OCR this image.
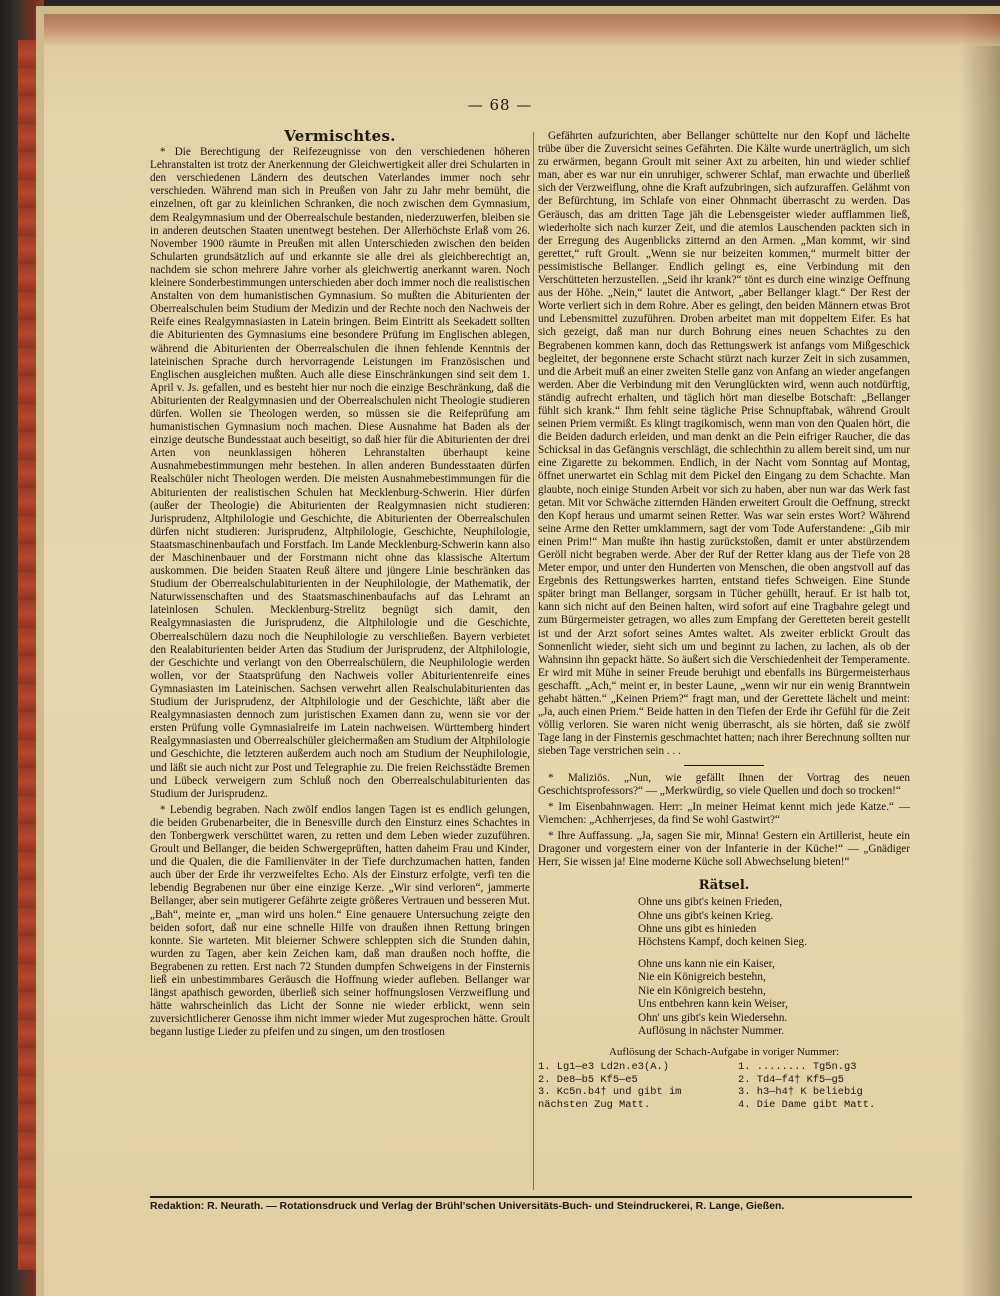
— 68 —
Vermischtes.

* Die Berechtigung der Reifezeugnisse von den verschiedenen höheren Lehranstalten ist trotz der Anerkennung der Gleichwertigkeit aller drei Schularten in den verschiedenen Ländern des deutschen Vaterlandes immer noch sehr verschieden. Während man sich in Preußen von Jahr zu Jahr mehr bemüht, die einzelnen, oft gar zu kleinlichen Schranken, die noch zwischen dem Gymnasium, dem Realgymnasium und der Oberrealschule bestanden, niederzuwerfen, bleiben sie in anderen deutschen Staaten unentwegt bestehen. Der Allerhöchste Erlaß vom 26. November 1900 räumte in Preußen mit allen Unterschieden zwischen den beiden Schularten grundsätzlich auf und erkannte sie alle drei als gleichberechtigt an, nachdem sie schon mehrere Jahre vorher als gleichwertig anerkannt waren. Noch kleinere Sonderbestimmungen unterschieden aber doch immer noch die realistischen Anstalten von dem humanistischen Gymnasium. So mußten die Abiturienten der Oberrealschulen beim Studium der Medizin und der Rechte noch den Nachweis der Reife eines Realgymnasiasten in Latein bringen. Beim Eintritt als Seekadett sollten die Abiturienten des Gymnasiums eine besondere Prüfung im Englischen ablegen, während die Abiturienten der Oberrealschulen die ihnen fehlende Kenntnis der lateinischen Sprache durch hervorragende Leistungen im Französischen und Englischen ausgleichen mußten. Auch alle diese Einschränkungen sind seit dem 1. April v. Js. gefallen, und es besteht hier nur noch die einzige Beschränkung, daß die Abiturienten der Realgymnasien und der Oberrealschulen nicht Theologie studieren dürfen. Wollen sie Theologen werden, so müssen sie die Reifeprüfung am humanistischen Gymnasium noch machen. Diese Ausnahme hat Baden als der einzige deutsche Bundesstaat auch beseitigt, so daß hier für die Abiturienten der drei Arten von neunklassigen höheren Lehranstalten überhaupt keine Ausnahmebestimmungen mehr bestehen. In allen anderen Bundesstaaten dürfen Realschüler nicht Theologen werden. Die meisten Ausnahmebestimmungen für die Abiturienten der realistischen Schulen hat Mecklenburg-Schwerin. Hier dürfen (außer der Theologie) die Abiturienten der Realgymnasien nicht studieren: Jurisprudenz, Altphilologie und Geschichte, die Abiturienten der Oberrealschulen dürfen nicht studieren: Jurisprudenz, Altphilologie, Geschichte, Neuphilologie, Staatsmaschinenbaufach und Forstfach. Im Lande Mecklenburg-Schwerin kann also der Maschinenbauer und der Forstmann nicht ohne das klassische Altertum auskommen. Die beiden Staaten Reuß ältere und jüngere Linie beschränken das Studium der Oberrealschulabiturienten in der Neuphilologie, der Mathematik, der Naturwissenschaften und des Staatsmaschinenbaufachs auf das Lehramt an lateinlosen Schulen. Mecklenburg-Strelitz begnügt sich damit, den Realgymnasiasten die Jurisprudenz, die Altphilologie und die Geschichte, Oberrealschülern dazu noch die Neuphilologie zu verschließen. Bayern verbietet den Realabiturienten beider Arten das Studium der Jurisprudenz, der Altphilologie, der Geschichte und verlangt von den Oberrealschülern, die Neuphilologie werden wollen, vor der Staatsprüfung den Nachweis voller Abiturientenreife eines Gymnasiasten im Lateinischen. Sachsen verwehrt allen Realschulabiturienten das Studium der Jurisprudenz, der Altphilologie und der Geschichte, läßt aber die Realgymnasiasten dennoch zum juristischen Examen dann zu, wenn sie vor der ersten Prüfung volle Gymnasialreife im Latein nachweisen. Württemberg hindert Realgymnasiasten und Oberrealschüler gleichermaßen am Studium der Altphilologie und Geschichte, die letzteren außerdem auch noch am Studium der Neuphilologie, und läßt sie auch nicht zur Post und Telegraphie zu. Die freien Reichsstädte Bremen und Lübeck verweigern zum Schluß noch den Oberrealschulabiturienten das Studium der Jurisprudenz.

* Lebendig begraben. Nach zwölf endlos langen Tagen ist es endlich gelungen, die beiden Grubenarbeiter, die in Benesville durch den Einsturz eines Schachtes in den Tonbergwerk verschüttet waren, zu retten und dem Leben wieder zuzuführen. Groult und Bellanger, die beiden Schwergeprüften, hatten daheim Frau und Kinder, und die Qualen, die die Familienväter in der Tiefe durchzumachen hatten, fanden auch über der Erde ihr verzweifeltes Echo. Als der Einsturz erfolgte, verfi ten die lebendig Begrabenen nur über eine einzige Kerze. „Wir sind verloren“, jammerte Bellanger, aber sein mutigerer Gefährte zeigte größeres Vertrauen und besseren Mut. „Bah“, meinte er, „man wird uns holen.“ Eine genauere Untersuchung zeigte den beiden sofort, daß nur eine schnelle Hilfe von draußen ihnen Rettung bringen konnte. Sie warteten. Mit bleierner Schwere schleppten sich die Stunden dahin, wurden zu Tagen, aber kein Zeichen kam, daß man draußen noch hoffte, die Begrabenen zu retten. Erst nach 72 Stunden dumpfen Schweigens in der Finsternis ließ ein unbestimmbares Geräusch die Hoffnung wieder aufleben. Bellanger war längst apathisch geworden, überließ sich seiner hoffnungslosen Verzweiflung und hätte wahrscheinlich das Licht der Sonne nie wieder erblickt, wenn sein zuversichtlicherer Genosse ihm nicht immer wieder Mut zugesprochen hätte. Groult begann lustige Lieder zu pfeifen und zu singen, um den trostlosen

Gefährten aufzurichten, aber Bellanger schüttelte nur den Kopf und lächelte trübe über die Zuversicht seines Gefährten. Die Kälte wurde unerträglich, um sich zu erwärmen, begann Groult mit seiner Axt zu arbeiten, hin und wieder schlief man, aber es war nur ein unruhiger, schwerer Schlaf, man erwachte und überließ sich der Verzweiflung, ohne die Kraft aufzubringen, sich aufzuraffen. Gelähmt von der Befürchtung, im Schlafe von einer Ohnmacht überrascht zu werden. Das Geräusch, das am dritten Tage jäh die Lebensgeister wieder aufflammen ließ, wiederholte sich nach kurzer Zeit, und die atemlos Lauschenden packten sich in der Erregung des Augenblicks zitternd an den Armen. „Man kommt, wir sind gerettet,“ ruft Groult. „Wenn sie nur beizeiten kommen,“ murmelt bitter der pessimistische Bellanger. Endlich gelingt es, eine Verbindung mit den Verschütteten herzustellen. „Seid ihr krank?“ tönt es durch eine winzige Oeffnung aus der Höhe. „Nein,“ lautet die Antwort, „aber Bellanger klagt.“ Der Rest der Worte verliert sich in dem Rohre. Aber es gelingt, den beiden Männern etwas Brot und Lebensmittel zuzuführen. Droben arbeitet man mit doppeltem Eifer. Es hat sich gezeigt, daß man nur durch Bohrung eines neuen Schachtes zu den Begrabenen kommen kann, doch das Rettungswerk ist anfangs vom Mißgeschick begleitet, der begonnene erste Schacht stürzt nach kurzer Zeit in sich zusammen, und die Arbeit muß an einer zweiten Stelle ganz von Anfang an wieder angefangen werden. Aber die Verbindung mit den Verunglückten wird, wenn auch notdürftig, ständig aufrecht erhalten, und täglich hört man dieselbe Botschaft: „Bellanger fühlt sich krank.“ Ihm fehlt seine tägliche Prise Schnupftabak, während Groult seinen Priem vermißt. Es klingt tragikomisch, wenn man von den Qualen hört, die die Beiden dadurch erleiden, und man denkt an die Pein eifriger Raucher, die das Schicksal in das Gefängnis verschlägt, die schlechthin zu allem bereit sind, um nur eine Zigarette zu bekommen. Endlich, in der Nacht vom Sonntag auf Montag, öffnet unerwartet ein Schlag mit dem Pickel den Eingang zu dem Schachte. Man glaubte, noch einige Stunden Arbeit vor sich zu haben, aber nun war das Werk fast getan. Mit vor Schwäche zitternden Händen erweitert Groult die Oeffnung, streckt den Kopf heraus und umarmt seinen Retter. Was war sein erstes Wort? Während seine Arme den Retter umklammern, sagt der vom Tode Auferstandene: „Gib mir einen Prim!“ Man mußte ihn hastig zurückstoßen, damit er unter abstürzendem Geröll nicht begraben werde. Aber der Ruf der Retter klang aus der Tiefe von 28 Meter empor, und unter den Hunderten von Menschen, die oben angstvoll auf das Ergebnis des Rettungswerkes harrten, entstand tiefes Schweigen. Eine Stunde später bringt man Bellanger, sorgsam in Tücher gehüllt, herauf. Er ist halb tot, kann sich nicht auf den Beinen halten, wird sofort auf eine Tragbahre gelegt und zum Bürgermeister getragen, wo alles zum Empfang der Geretteten bereit gestellt ist und der Arzt sofort seines Amtes waltet. Als zweiter erblickt Groult das Sonnenlicht wieder, sieht sich um und beginnt zu lachen, zu lachen, als ob der Wahnsinn ihn gepackt hätte. So äußert sich die Verschiedenheit der Temperamente. Er wird mit Mühe in seiner Freude beruhigt und ebenfalls ins Bürgermeisterhaus geschafft. „Ach,“ meint er, in bester Laune, „wenn wir nur ein wenig Branntwein gehabt hätten.“ „Keinen Priem?“ fragt man, und der Gerettete lächelt und meint: „Ja, auch einen Priem.“ Beide hatten in den Tiefen der Erde ihr Gefühl für die Zeit völlig verloren. Sie waren nicht wenig überrascht, als sie hörten, daß sie zwölf Tage lang in der Finsternis geschmachtet hatten; nach ihrer Berechnung sollten nur sieben Tage verstrichen sein . . .

* Maliziös. „Nun, wie gefällt Ihnen der Vortrag des neuen Geschichtsprofessors?“ — „Merkwürdig, so viele Quellen und doch so trocken!“

* Im Eisenbahnwagen. Herr: „In meiner Heimat kennt mich jede Katze.“ — Viemchen: „Achherrjeses, da find Se wohl Gastwirt?“

* Ihre Auffassung. „Ja, sagen Sie mir, Minna! Gestern ein Artillerist, heute ein Dragoner und vorgestern einer von der Infanterie in der Küche!“ — „Gnädiger Herr, Sie wissen ja! Eine moderne Küche soll Abwechselung bieten!“

Rätsel.
Ohne uns gibt's keinen Frieden,
Ohne uns gibt's keinen Krieg.
Ohne uns gibt es hinieden
Höchstens Kampf, doch keinen Sieg.
Ohne uns kann nie ein Kaiser,
Nie ein Königreich bestehn,
Nie ein Königreich bestehn,
Uns entbehren kann kein Weiser,
Ohn' uns gibt's kein Wiedersehn.
Auflösung in nächster Nummer.
Auflösung der Schach-Aufgabe in voriger Nummer:
1. Lg1—e3 Ld2n.e3(A.)
2. De8—b5 Kf5—e5
3. Kc5n.b4† und gibt im
nächsten Zug Matt.
1. ........ Tg5n.g3
2. Td4—f4† Kf5—g5
3. h3—h4† K beliebig
4. Die Dame gibt Matt.
Redaktion: R. Neurath. — Rotationsdruck und Verlag der Brühl'schen Universitäts-Buch- und Steindruckerei, R. Lange, Gießen.
